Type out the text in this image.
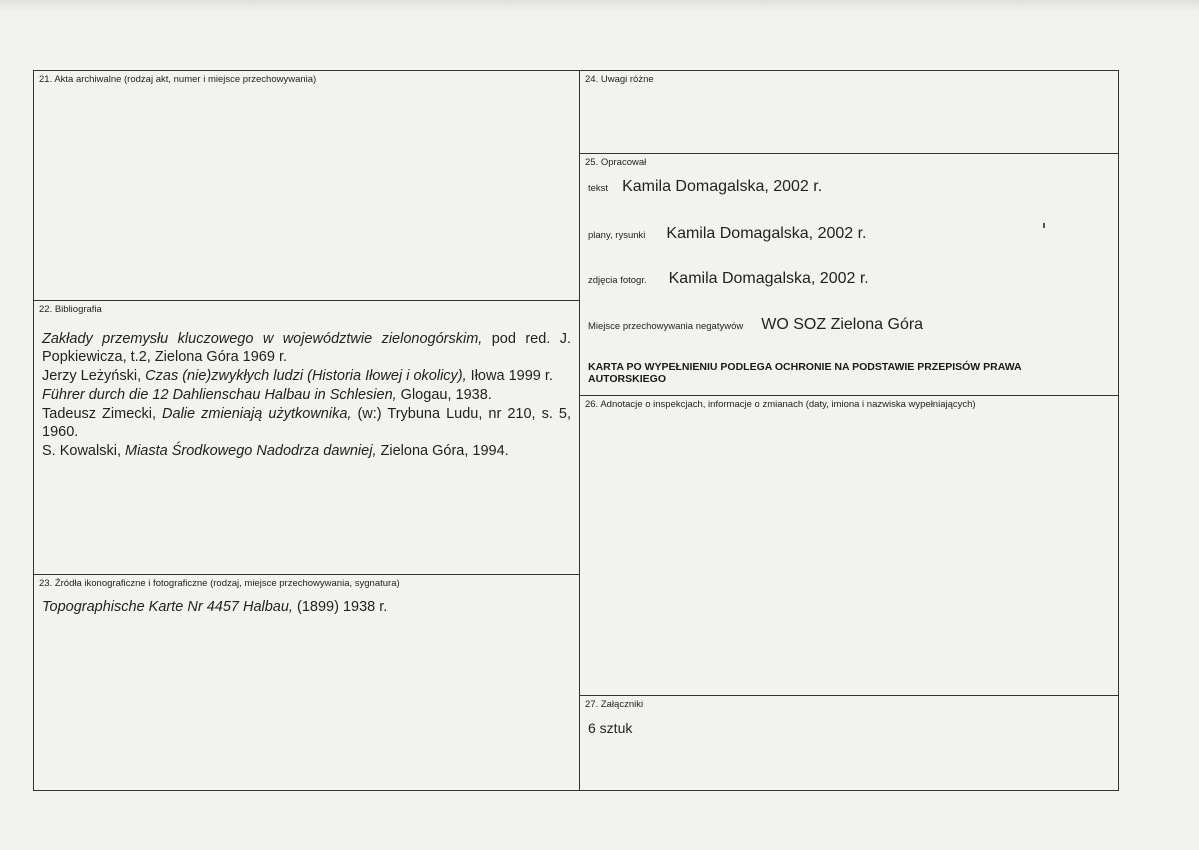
21. Akta archiwalne (rodzaj akt, numer i miejsce przechowywania)
22. Bibliografia

Zakłady przemysłu kluczowego w województwie zielonogórskim, pod red. J. Popkiewicza, t.2, Zielona Góra 1969 r.

Jerzy Leżyński, Czas (nie)zwykłych ludzi (Historia Iłowej i okolicy), Iłowa 1999 r.

Führer durch die 12 Dahlienschau Halbau in Schlesien, Glogau, 1938.

Tadeusz Zimecki, Dalie zmieniają użytkownika, (w:) Trybuna Ludu, nr 210, s. 5, 1960.

S. Kowalski, Miasta Środkowego Nadodrza dawniej, Zielona Góra, 1994.

23. Źródła ikonograficzne i fotograficzne (rodzaj, miejsce przechowywania, sygnatura)
Topographische Karte Nr 4457 Halbau, (1899) 1938 r.
24. Uwagi różne
25. Opracował
tekst Kamila Domagalska, 2002 r.
plany, rysunki Kamila Domagalska, 2002 r.
zdjęcia fotogr. Kamila Domagalska, 2002 r.
Miejsce przechowywania negatywów WO SOZ Zielona Góra
KARTA PO WYPEŁNIENIU PODLEGA OCHRONIE NA PODSTAWIE PRZEPISÓW PRAWA
AUTORSKIEGO
26. Adnotacje o inspekcjach, informacje o zmianach (daty, imiona i nazwiska wypełniających)
27. Załączniki
6 sztuk
